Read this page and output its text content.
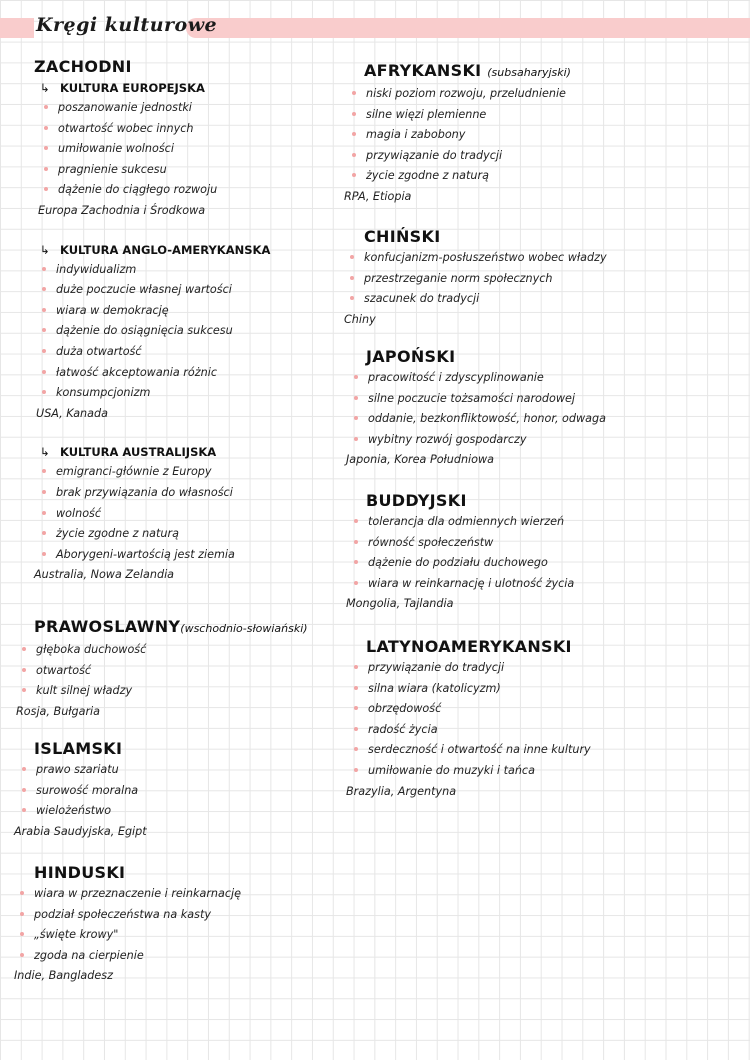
Kręgi kulturowe
ZACHODNI
↳ KULTURA EUROPEJSKA
poszanowanie jednostki
otwartość wobec innych
umiłowanie wolności
pragnienie sukcesu
dążenie do ciągłego rozwoju
Europa Zachodnia i Środkowa
↳ KULTURA ANGLO-AMERYKANSKA
indywidualizm
duże poczucie własnej wartości
wiara w demokrację
dążenie do osiągnięcia sukcesu
duża otwartość
łatwość akceptowania różnic
konsumpcjonizm
USA, Kanada
↳ KULTURA AUSTRALIJSKA
emigranci-głównie z Europy
brak przywiązania do własności
wolność
życie zgodne z naturą
Aborygeni-wartością jest ziemia
Australia, Nowa Zelandia
PRAWOSLAWNY(wschodnio-słowiański)
głęboka duchowość
otwartość
kult silnej władzy
Rosja, Bułgaria
ISLAMSKI
prawo szariatu
surowość moralna
wielożeństwo
Arabia Saudyjska, Egipt
HINDUSKI
wiara w przeznaczenie i reinkarnację
podział społeczeństwa na kasty
„święte krowy"
zgoda na cierpienie
Indie, Bangladesz
AFRYKANSKI (subsaharyjski)
niski poziom rozwoju, przeludnienie
silne więzi plemienne
magia i zabobony
przywiązanie do tradycji
życie zgodne z naturą
RPA, Etiopia
CHIŃSKI
konfucjanizm-posłuszeństwo wobec władzy
przestrzeganie norm społecznych
szacunek do tradycji
Chiny
JAPOŃSKI
pracowitość i zdyscyplinowanie
silne poczucie tożsamości narodowej
oddanie, bezkonfliktowość, honor, odwaga
wybitny rozwój gospodarczy
Japonia, Korea Południowa
BUDDYJSKI
tolerancja dla odmiennych wierzeń
równość społeczeństw
dążenie do podziału duchowego
wiara w reinkarnację i ulotność życia
Mongolia, Tajlandia
LATYNOAMERYKANSKI
przywiązanie do tradycji
silna wiara (katolicyzm)
obrzędowość
radość życia
serdeczność i otwartość na inne kultury
umiłowanie do muzyki i tańca
Brazylia, Argentyna
